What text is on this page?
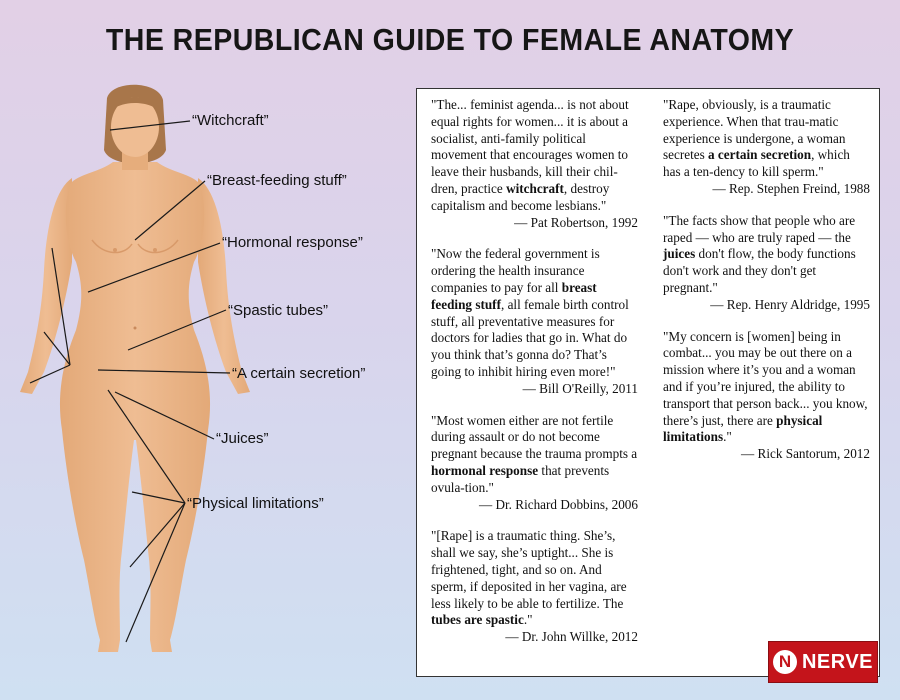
THE REPUBLICAN GUIDE TO FEMALE ANATOMY
“Witchcraft”
“Breast-feeding stuff”
“Hormonal response”
“Spastic tubes”
“A certain secretion”
“Juices”
“Physical limitations”
"The... feminist agenda... is not about equal rights for women... it is about a socialist, anti-family political movement that encourages women to leave their husbands, kill their chil-dren, practice witchcraft, destroy capitalism and become lesbians."
— Pat Robertson, 1992
"Now the federal government is ordering the health insurance companies to pay for all breast feeding stuff, all female birth control stuff, all preventative measures for doctors for ladies that go in. What do you think that’s gonna do? That’s going to inhibit hiring even more!"
— Bill O'Reilly, 2011
"Most women either are not fertile during assault or do not become pregnant because the trauma prompts a hormonal response that prevents ovula-tion."
— Dr. Richard Dobbins, 2006
"[Rape] is a traumatic thing. She’s, shall we say, she’s uptight... She is frightened, tight, and so on. And sperm, if deposited in her vagina, are less likely to be able to fertilize. The tubes are spastic."
— Dr. John Willke, 2012
"Rape, obviously, is a traumatic experience. When that trau-matic experience is undergone, a woman secretes a certain secretion, which has a ten-dency to kill sperm."
— Rep. Stephen Freind, 1988
"The facts show that people who are raped — who are truly raped — the juices don't flow, the body functions don't work and they don't get pregnant."
— Rep. Henry Aldridge, 1995
"My concern is [women] being in combat... you may be out there on a mission where it’s you and a woman and if you’re injured, the ability to transport that person back... you know, there’s just, there are physical limitations."
— Rick Santorum, 2012
N NERVE
